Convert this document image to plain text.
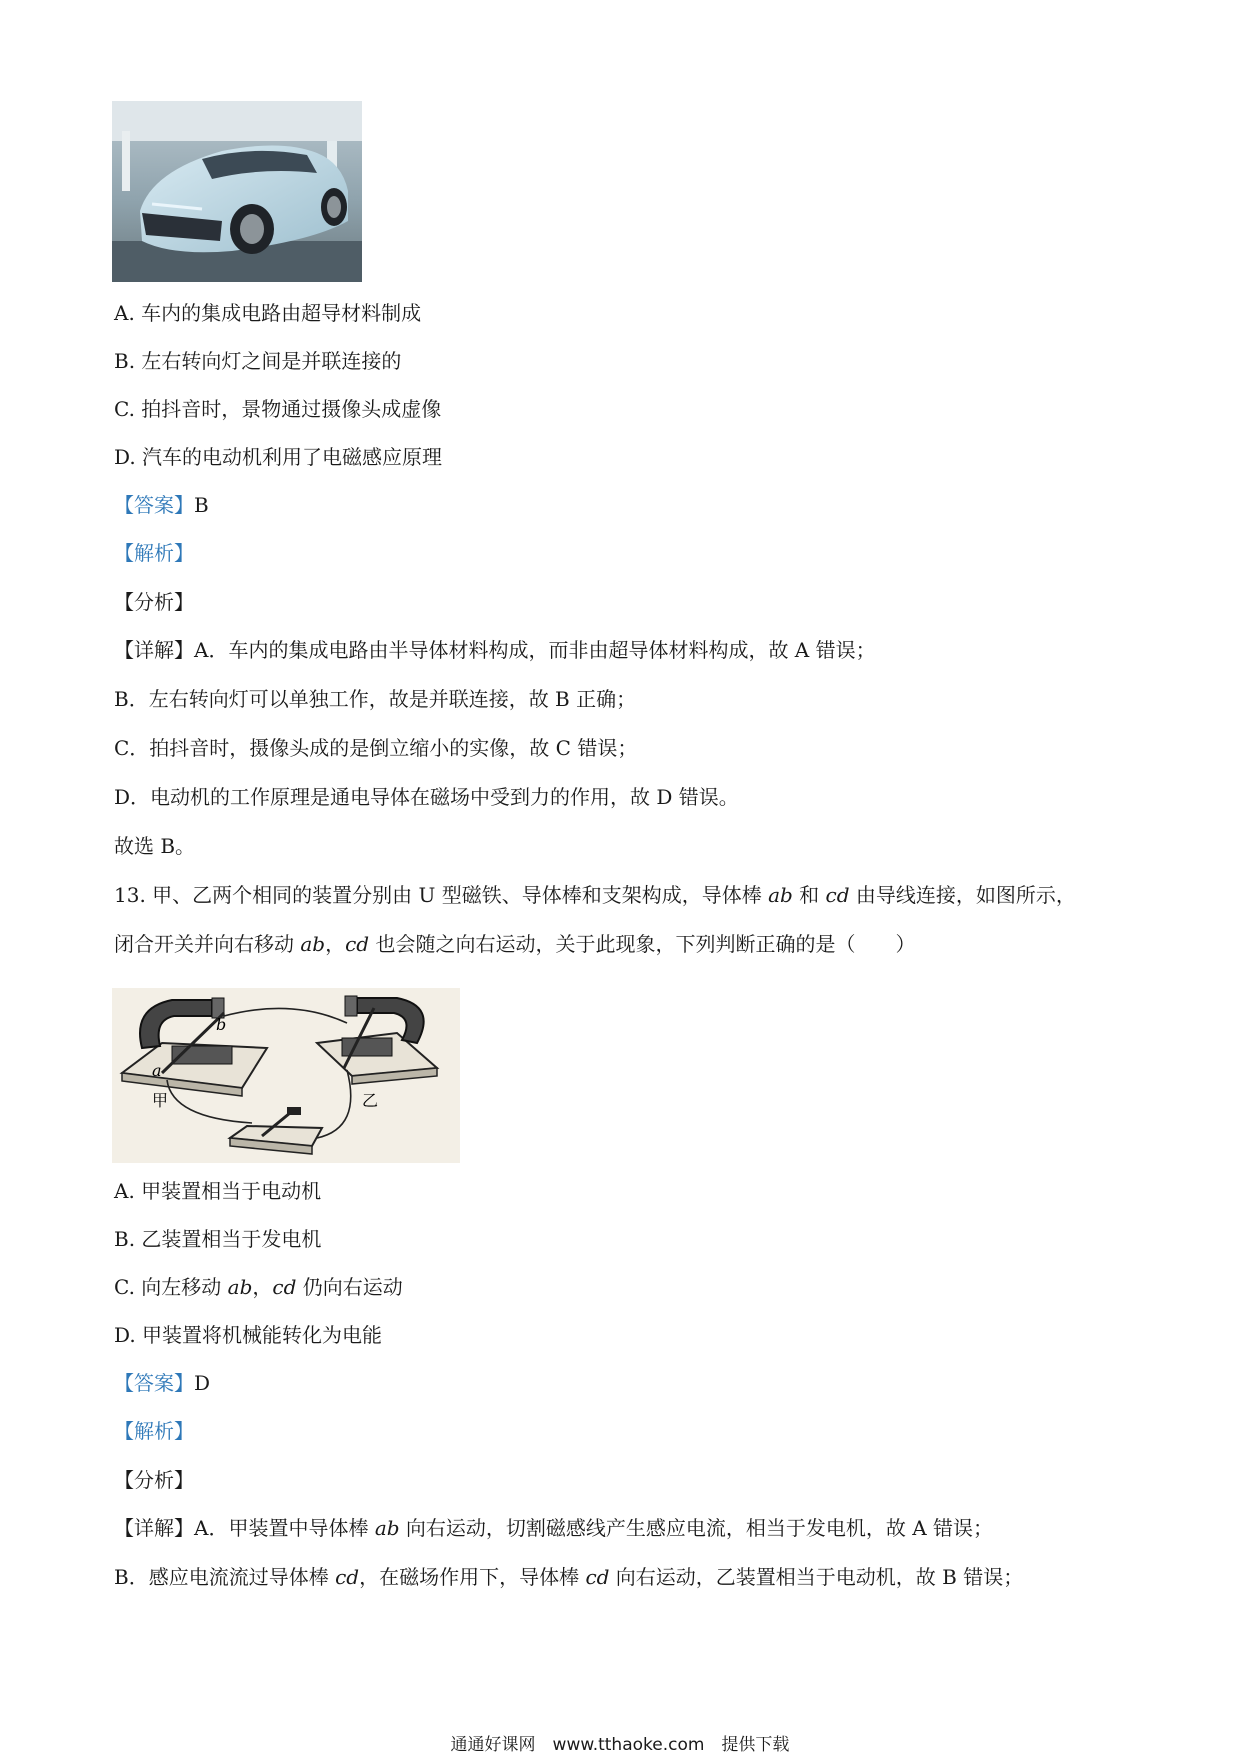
A. 车内的集成电路由超导材料制成
B. 左右转向灯之间是并联连接的
C. 拍抖音时，景物通过摄像头成虚像
D. 汽车的电动机利用了电磁感应原理
【答案】B
【解析】
【分析】
【详解】A．车内的集成电路由半导体材料构成，而非由超导体材料构成，故 A 错误；
B．左右转向灯可以单独工作，故是并联连接，故 B 正确；
C．拍抖音时，摄像头成的是倒立缩小的实像，故 C 错误；
D．电动机的工作原理是通电导体在磁场中受到力的作用，故 D 错误。
故选 B。
13. 甲、乙两个相同的装置分别由 U 型磁铁、导体棒和支架构成，导体棒 ab 和 cd 由导线连接，如图所示，
闭合开关并向右移动 ab，cd 也会随之向右运动，关于此现象，下列判断正确的是（　　）
b
a
甲	乙
A. 甲装置相当于电动机
B. 乙装置相当于发电机
C. 向左移动 ab，cd 仍向右运动
D. 甲装置将机械能转化为电能
【答案】D
【解析】
【分析】
【详解】A．甲装置中导体棒 ab 向右运动，切割磁感线产生感应电流，相当于发电机，故 A 错误；
B．感应电流流过导体棒 cd，在磁场作用下，导体棒 cd 向右运动，乙装置相当于电动机，故 B 错误；
通通好课网　www.tthaoke.com　提供下载
